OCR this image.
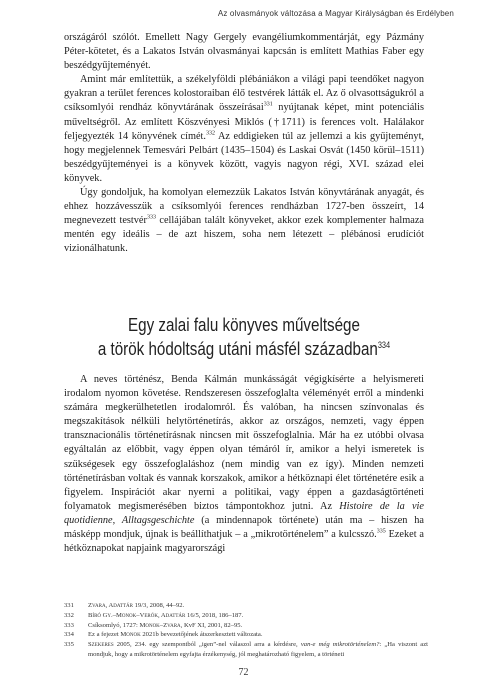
Az olvasmányok változása a Magyar Királyságban és Erdélyben

országáról szólót. Emellett Nagy Gergely evangéliumkommentárját, egy Pázmány Péter-kötetet, és a Lakatos István olvasmányai kapcsán is említett Mathias Faber egy beszédgyűjteményét.

Amint már említettük, a székelyföldi plébániákon a világi papi teendőket nagyon gyakran a terület ferences kolostoraiban élő testvérek látták el. Az ő olvasottságukról a csíksomlyói rendház könyvtárának összeírásai$^{331}$ nyújtanak képet, mint potenciális műveltségről. Az említett Köszvényesi Miklós (†1711) is ferences volt. Halálakor feljegyezték 14 könyvének címét.$^{332}$ Az eddigieken túl az jellemzi a kis gyűjteményt, hogy megjelennek Temesvári Pelbárt (1435–1504) és Laskai Osvát (1450 körül–1511) beszédgyűjteményei is a könyvek között, vagyis nagyon régi, XVI. század elei könyvek.

Úgy gondoljuk, ha komolyan elemezzük Lakatos István könyvtárának anyagát, és ehhez hozzávesszük a csíksomlyói ferences rendházban 1727-ben összeírt, 14 megnevezett testvér$^{333}$ cellájában talált könyveket, akkor ezek komplementer halmaza mentén egy ideális – de azt hiszem, soha nem létezett – plébánosi erudíciót vizionálhatunk.

Egy zalai falu könyves műveltsége
a török hódoltság utáni másfél században$^{334}$

A neves történész, Benda Kálmán munkásságát végigkísérte a helyismereti irodalom nyomon követése. Rendszeresen összefoglalta véleményét erről a mindenki számára megkerülhetetlen irodalomról. És valóban, ha nincsen színvonalas és megszakítások nélküli helytörténetírás, akkor az országos, nemzeti, vagy éppen transznacionális történetírásnak nincsen mit összefoglalnia. Már ha ez utóbbi olvasa egyáltalán az előbbit, vagy éppen olyan témáról ír, amikor a helyi ismeretek is szükségesek egy összefoglaláshoz (nem mindig van ez így). Minden nemzeti történetírásban voltak és vannak korszakok, amikor a hétköznapi élet történetére esik a figyelem. Inspirációt akar nyerni a politikai, vagy éppen a gazdaságtörténeti folyamatok megismerésében biztos támpontokhoz jutni. Az Histoire de la vie quotidienne, Alltagsgeschichte (a mindennapok története) után ma – hiszen ha másképp mondjuk, újnak is beállíthatjuk – a „mikrotörténelem” a kulcsszó.$^{335}$ Ezeket a hétköznapokat napjaink magyarországi

331	Zvara, Adattár 19/3, 2008, 44–92.
332	Bíró Gy.–Monok–Verók, Adattár 16/5, 2018, 186–187.
333	Csíksomlyó, 1727: Monok–Zvara, KvF XI, 2001, 82–95.
334	Ez a fejezet Monok 2021b bevezetőjének átszerkesztett változata.
335	Szekeres 2005, 234. egy szempontból „igen”-nel válaszol arra a kérdésre, van-e még mikrotörténelem?: „Ha viszont azt mondjuk, hogy a mikrotörténelem egyfajta érzékenység, jól meghatározható figyelem, a történeti
72
